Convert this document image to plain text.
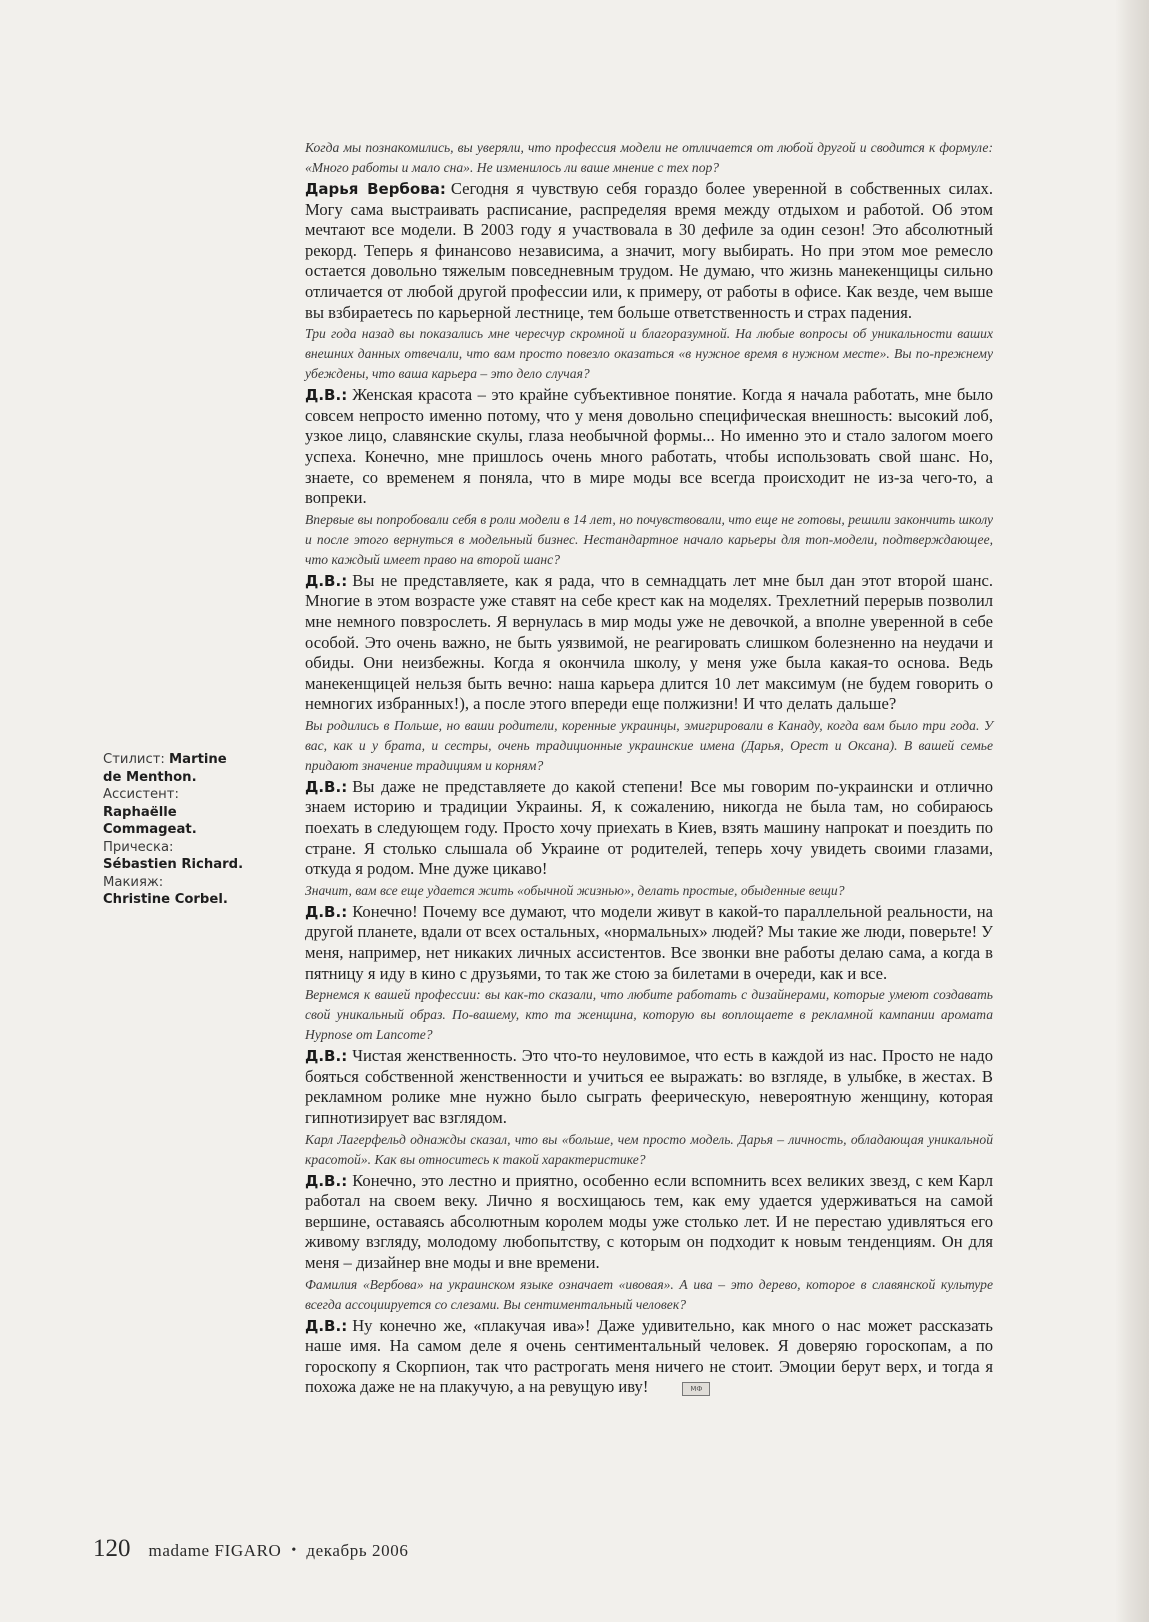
Стилист: Martine
de Menthon.
Ассистент:
Raphaëlle
Commageat.
Прическа:
Sébastien Richard.
Макияж:
Christine Corbel.

Когда мы познакомились, вы уверяли, что профессия модели не отличается от любой другой и сводится к формуле: «Много работы и мало сна». Не изменилось ли ваше мнение с тех пор?

Дарья Вербова: Сегодня я чувствую себя гораздо более уверенной в собственных силах. Могу сама выстраивать расписание, распределяя время между отдыхом и работой. Об этом мечтают все модели. В 2003 году я участвовала в 30 дефиле за один сезон! Это абсолютный рекорд. Теперь я финансово независима, а значит, могу выбирать. Но при этом мое ремесло остается довольно тяжелым повседневным трудом. Не думаю, что жизнь манекенщицы сильно отличается от любой другой профессии или, к примеру, от работы в офисе. Как везде, чем выше вы взбираетесь по карьерной лестнице, тем больше ответственность и страх падения.

Три года назад вы показались мне чересчур скромной и благоразумной. На любые вопросы об уникальности ваших внешних данных отвечали, что вам просто повезло оказаться «в нужное время в нужном месте». Вы по-прежнему убеждены, что ваша карьера – это дело случая?

Д.В.: Женская красота – это крайне субъективное понятие. Когда я начала работать, мне было совсем непросто именно потому, что у меня довольно специфическая внешность: высокий лоб, узкое лицо, славянские скулы, глаза необычной формы... Но именно это и стало залогом моего успеха. Конечно, мне пришлось очень много работать, чтобы использовать свой шанс. Но, знаете, со временем я поняла, что в мире моды все всегда происходит не из-за чего-то, а вопреки.

Впервые вы попробовали себя в роли модели в 14 лет, но почувствовали, что еще не готовы, решили закончить школу и после этого вернуться в модельный бизнес. Нестандартное начало карьеры для топ-модели, подтверждающее, что каждый имеет право на второй шанс?

Д.В.: Вы не представляете, как я рада, что в семнадцать лет мне был дан этот второй шанс. Многие в этом возрасте уже ставят на себе крест как на моделях. Трехлетний перерыв позволил мне немного повзрослеть. Я вернулась в мир моды уже не девочкой, а вполне уверенной в себе особой. Это очень важно, не быть уязвимой, не реагировать слишком болезненно на неудачи и обиды. Они неизбежны. Когда я окончила школу, у меня уже была какая-то основа. Ведь манекенщицей нельзя быть вечно: наша карьера длится 10 лет максимум (не будем говорить о немногих избранных!), а после этого впереди еще полжизни! И что делать дальше?

Вы родились в Польше, но ваши родители, коренные украинцы, эмигрировали в Канаду, когда вам было три года. У вас, как и у брата, и сестры, очень традиционные украинские имена (Дарья, Орест и Оксана). В вашей семье придают значение традициям и корням?

Д.В.: Вы даже не представляете до какой степени! Все мы говорим по-украински и отлично знаем историю и традиции Украины. Я, к сожалению, никогда не была там, но собираюсь поехать в следующем году. Просто хочу приехать в Киев, взять машину напрокат и поездить по стране. Я столько слышала об Украине от родителей, теперь хочу увидеть своими глазами, откуда я родом. Мне дуже цикаво!

Значит, вам все еще удается жить «обычной жизнью», делать простые, обыденные вещи?

Д.В.: Конечно! Почему все думают, что модели живут в какой-то параллельной реальности, на другой планете, вдали от всех остальных, «нормальных» людей? Мы такие же люди, поверьте! У меня, например, нет никаких личных ассистентов. Все звонки вне работы делаю сама, а когда в пятницу я иду в кино с друзьями, то так же стою за билетами в очереди, как и все.

Вернемся к вашей профессии: вы как-то сказали, что любите работать с дизайнерами, которые умеют создавать свой уникальный образ. По-вашему, кто та женщина, которую вы воплощаете в рекламной кампании аромата Hypnose от Lancome?

Д.В.: Чистая женственность. Это что-то неуловимое, что есть в каждой из нас. Просто не надо бояться собственной женственности и учиться ее выражать: во взгляде, в улыбке, в жестах. В рекламном ролике мне нужно было сыграть феерическую, невероятную женщину, которая гипнотизирует вас взглядом.

Карл Лагерфельд однажды сказал, что вы «больше, чем просто модель. Дарья – личность, обладающая уникальной красотой». Как вы относитесь к такой характеристике?

Д.В.: Конечно, это лестно и приятно, особенно если вспомнить всех великих звезд, с кем Карл работал на своем веку. Лично я восхищаюсь тем, как ему удается удерживаться на самой вершине, оставаясь абсолютным королем моды уже столько лет. И не перестаю удивляться его живому взгляду, молодому любопытству, с которым он подходит к новым тенденциям. Он для меня – дизайнер вне моды и вне времени.

Фамилия «Вербова» на украинском языке означает «ивовая». А ива – это дерево, которое в славянской культуре всегда ассоциируется со слезами. Вы сентиментальный человек?

Д.В.: Ну конечно же, «плакучая ива»! Даже удивительно, как много о нас может рассказать наше имя. На самом деле я очень сентиментальный человек. Я доверяю гороскопам, а по гороскопу я Скорпион, так что растрогать меня ничего не стоит. Эмоции берут верх, и тогда я похожа даже не на плакучую, а на ревущую иву!	МФ

120 madame FIGARO • декабрь 2006
